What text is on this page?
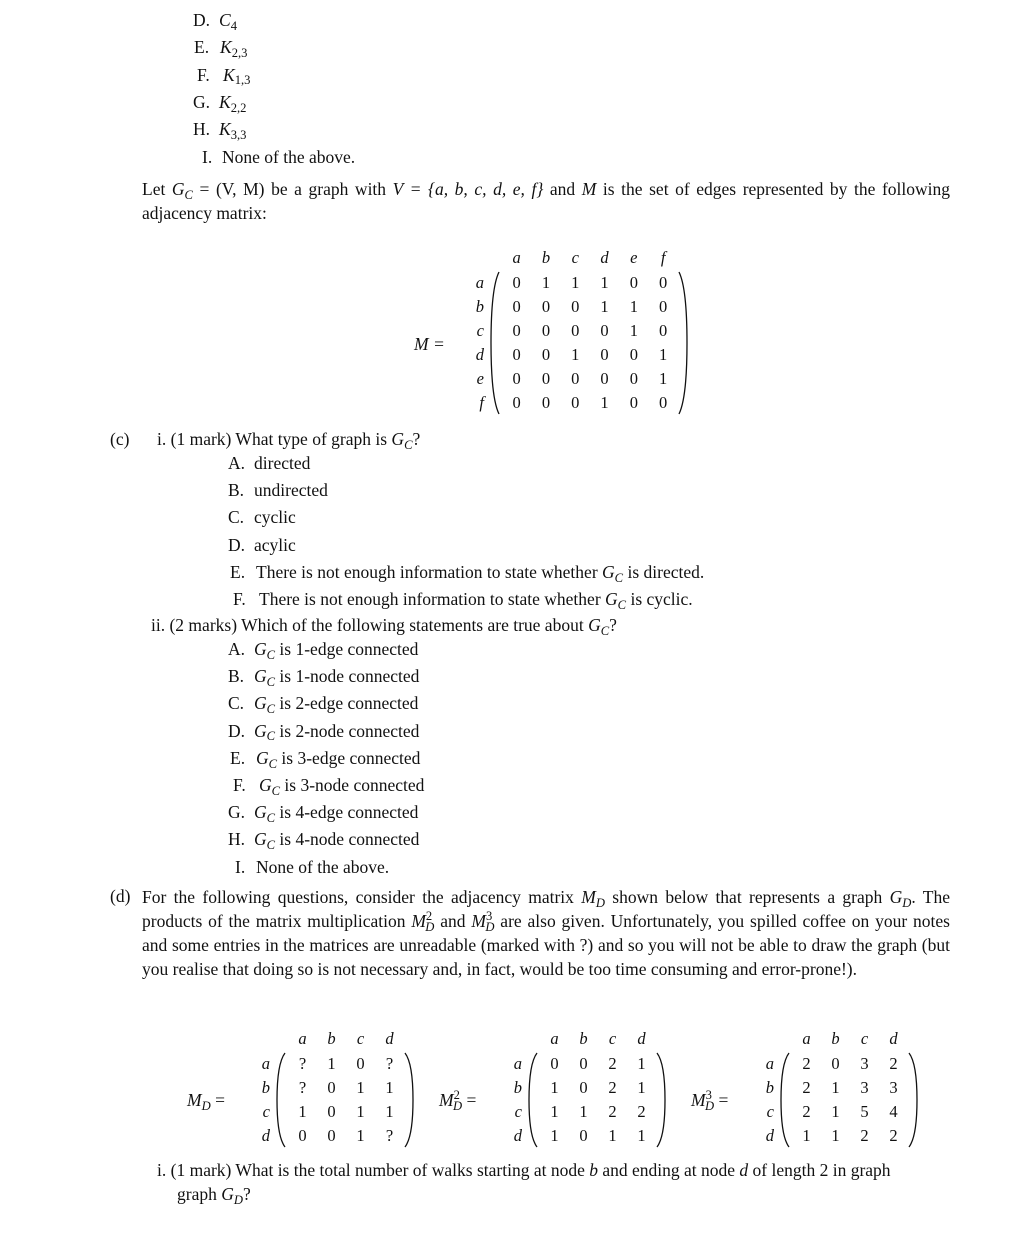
D. $C_4$
E. $K_{2,3}$
F. $K_{1,3}$
G. $K_{2,2}$
H. $K_{3,3}$
I. None of the above.
Let $G_C = (V$, M) be a graph with V = {a, b, c, d, e, f} and M is the set of edges represented by the following adjacency matrix:
M =
		a	b	c	d	e	f	
a		0	1	1	1	0	0	

b		0	0	0	1	1	0	
c		0	0	0	0	1	0	
d		0	0	1	0	0	1	
e		0	0	0	0	0	1	
f		0	0	0	1	0	0	
(c) i. (1 mark) What type of graph is $G_C$?
A. directed
B. undirected
C. cyclic
D. acylic
E. There is not enough information to state whether $G_C$ is directed.
F. There is not enough information to state whether $G_C$ is cyclic.
ii. (2 marks) Which of the following statements are true about $G_C$?
A. $G_C$ is 1-edge connected
B. $G_C$ is 1-node connected
C. $G_C$ is 2-edge connected
D. $G_C$ is 2-node connected
E. $G_C$ is 3-edge connected
F. $G_C$ is 3-node connected
G. $G_C$ is 4-edge connected
H. $G_C$ is 4-node connected
I. None of the above.
(d) For the following questions, consider the adjacency matrix $M_D$ shown below that represents a graph $G_D$. The products of the matrix multiplication $M^2_D$ and $M^3_D$ are also given. Unfortunately, you spilled coffee on your notes and some entries in the matrices are unreadable (marked with ?) and so you will not be able to draw the graph (but you realise that doing so is not necessary and, in fact, would be too time consuming and error-prone!).
$M_D$ =
		a	b	c	d	
a		?	1	0	?	

b		?	0	1	1	
c		1	0	1	1	
d		0	0	1	?	
$M^2_D$ =
		a	b	c	d	
a		0	0	2	1	

b		1	0	2	1	
c		1	1	2	2	
d		1	0	1	1	
$M^3_D$ =
		a	b	c	d	
a		2	0	3	2	

b		2	1	3	3	
c		2	1	5	4	
d		1	1	2	2	
i. (1 mark) What is the total number of walks starting at node b and ending at node d of length 2 in graph
graph $G_D$?
